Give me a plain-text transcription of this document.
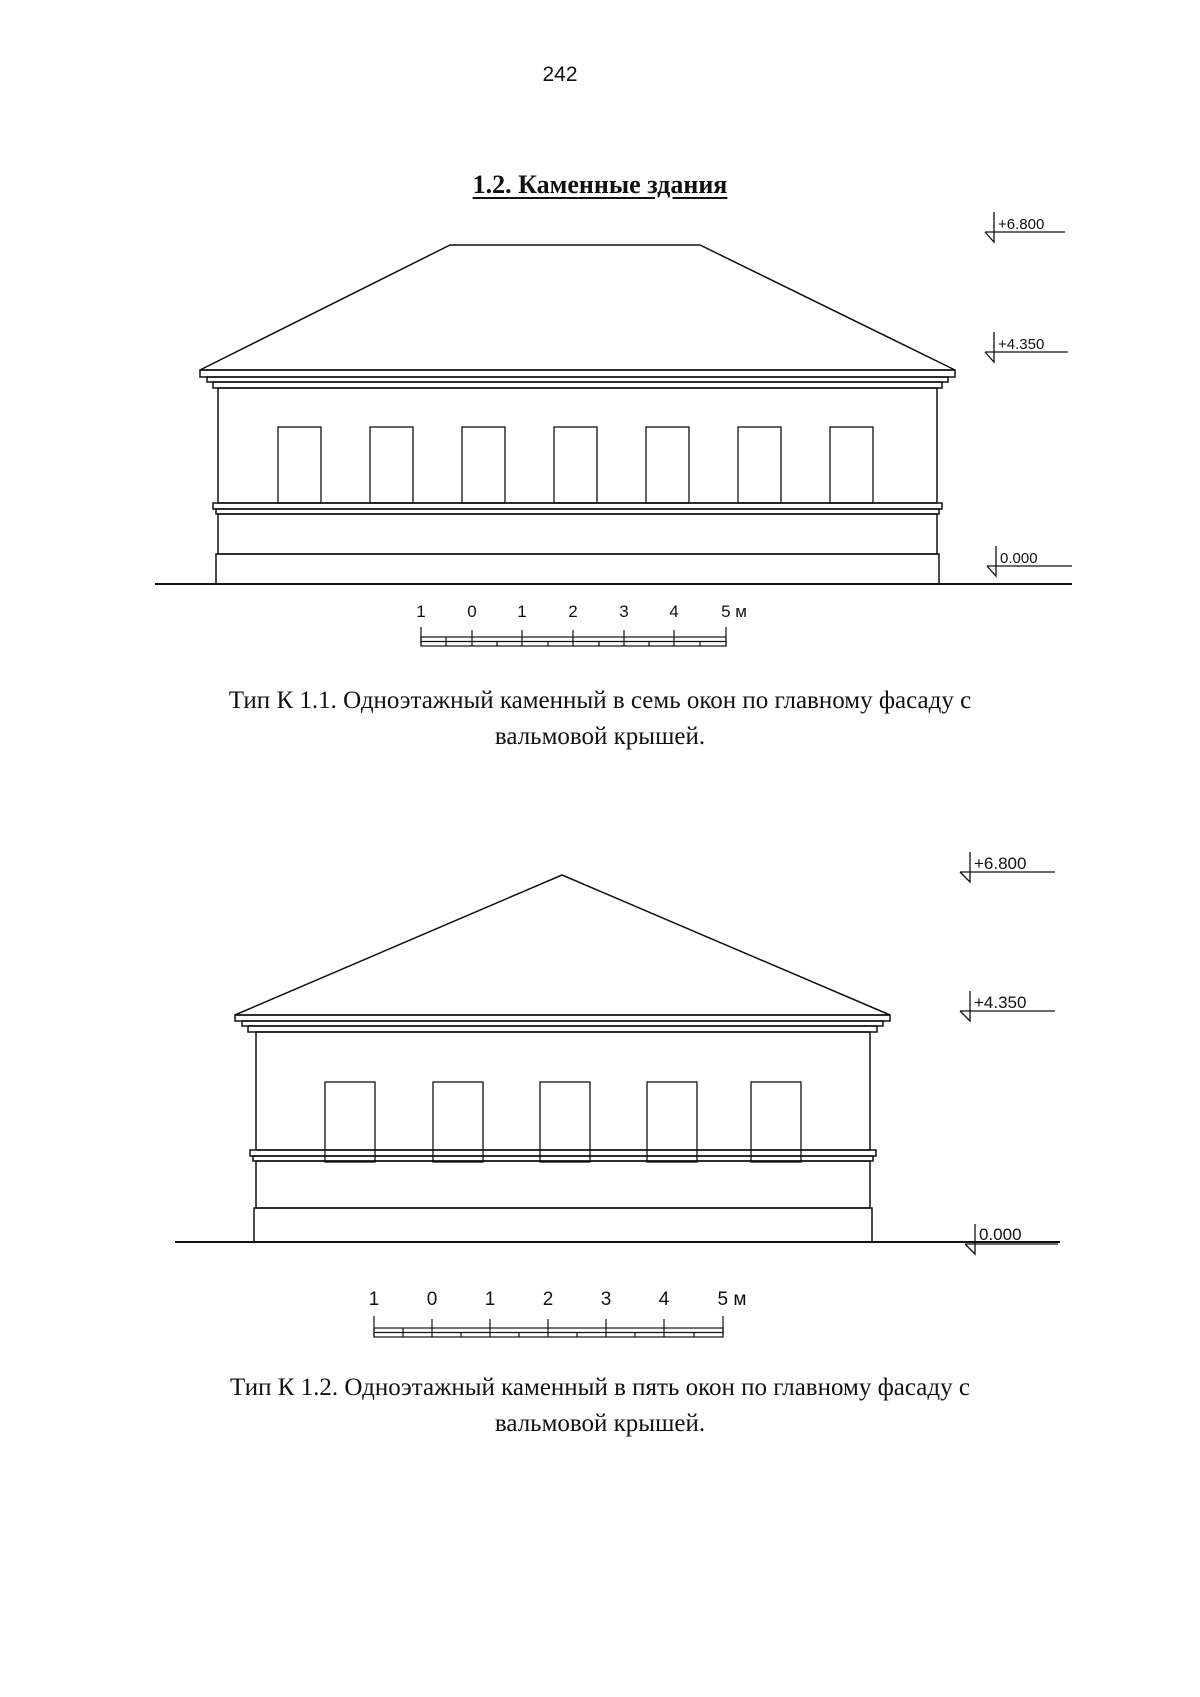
242
1.2. Каменные здания
+6.800
+4.350
0.000
1 0 1 2 3 4 5 м
Тип К 1.1. Одноэтажный каменный в семь окон по главному фасаду с
вальмовой крышей.
+6.800
+4.350
0.000
1 0 1 2 3 4	5 м
Тип К 1.2. Одноэтажный каменный в пять окон по главному фасаду с
вальмовой крышей.
